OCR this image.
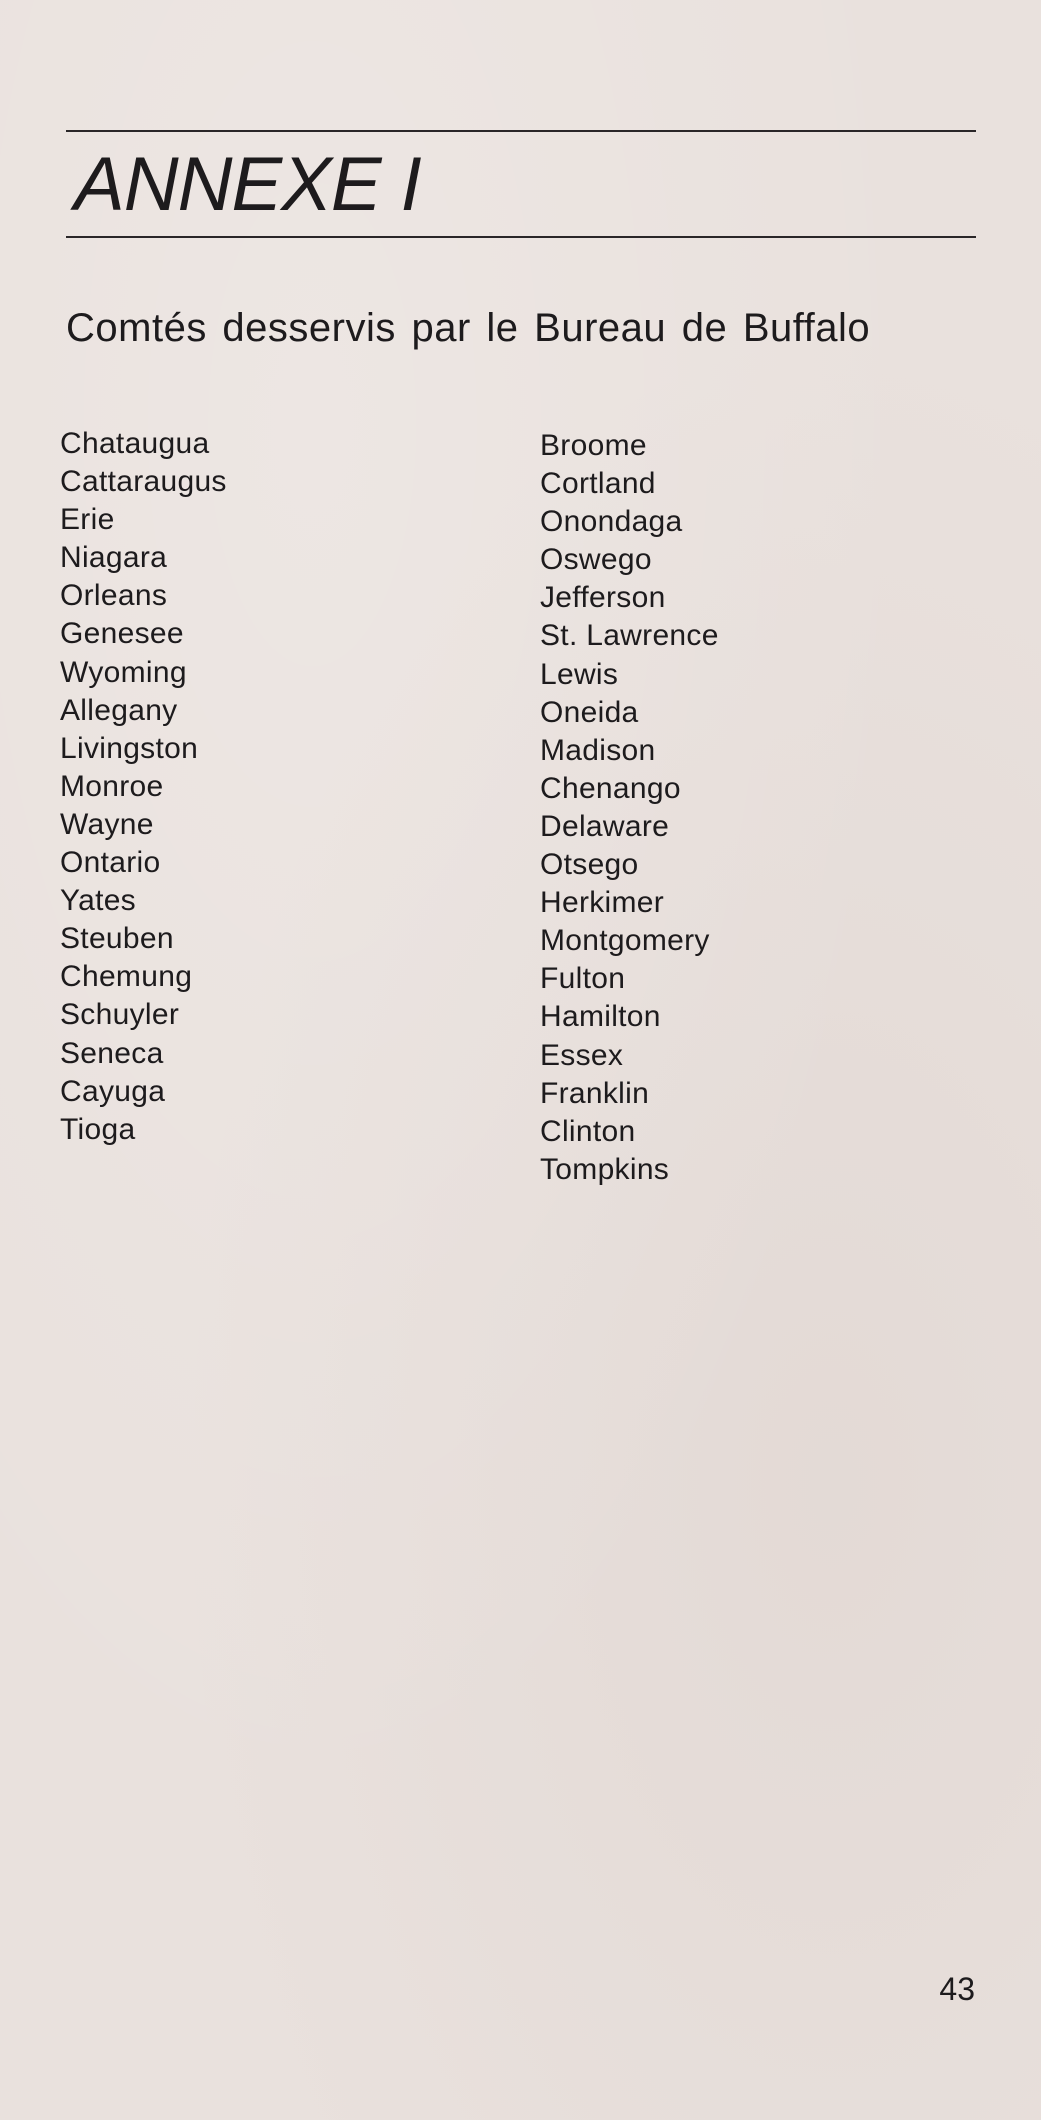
ANNEXE I
Comtés desservis par le Bureau de Buffalo
Chataugua
Cattaraugus
Erie
Niagara
Orleans
Genesee
Wyoming
Allegany
Livingston
Monroe
Wayne
Ontario
Yates
Steuben
Chemung
Schuyler
Seneca
Cayuga
Tioga
Broome
Cortland
Onondaga
Oswego
Jefferson
St. Lawrence
Lewis
Oneida
Madison
Chenango
Delaware
Otsego
Herkimer
Montgomery
Fulton
Hamilton
Essex
Franklin
Clinton
Tompkins
43
